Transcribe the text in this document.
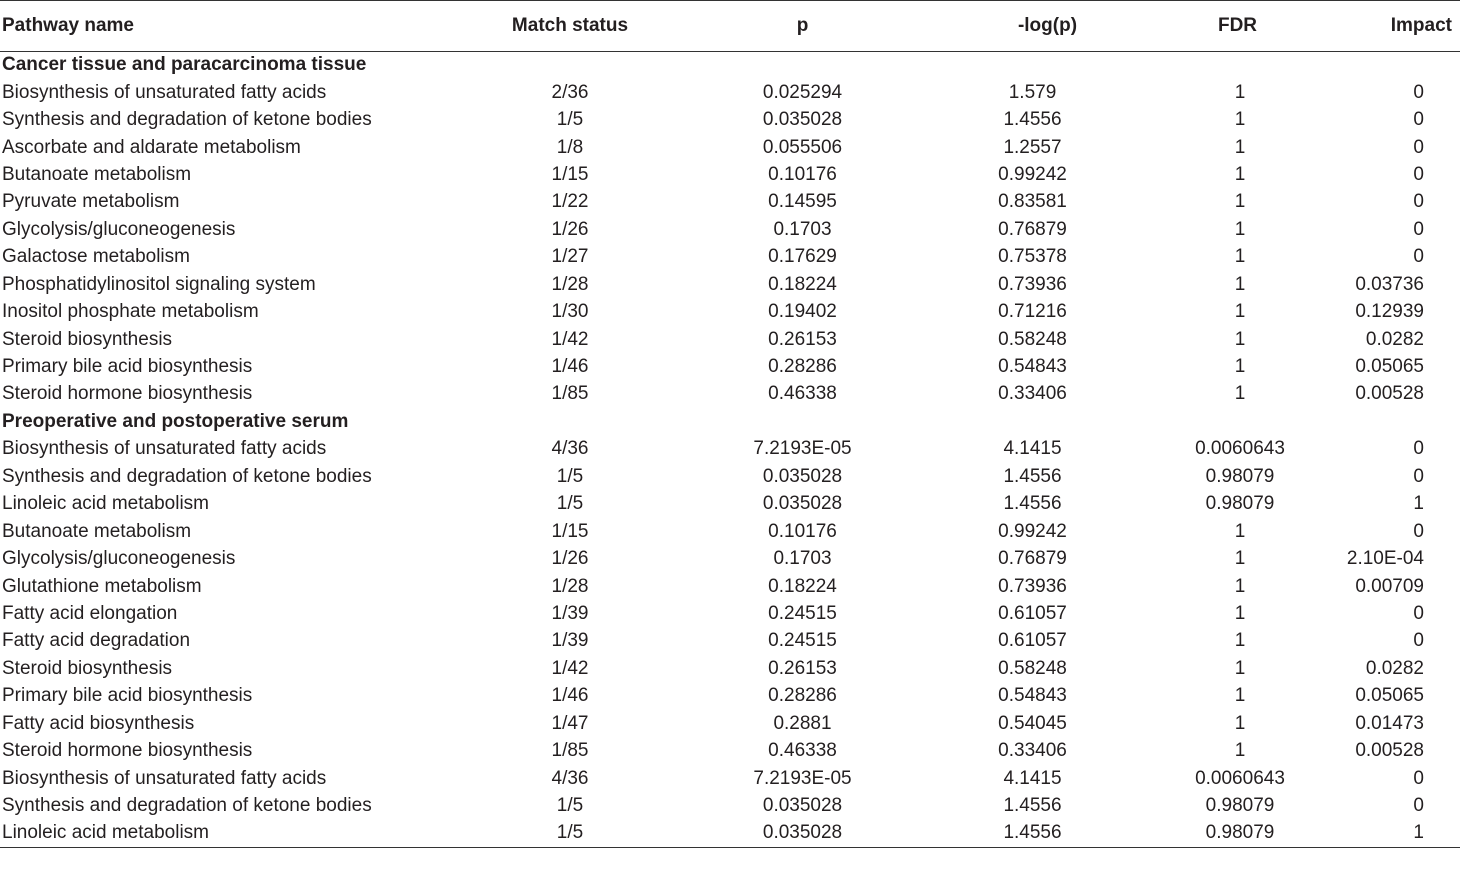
Pathway name	Match status	p	-log(p)	FDR	Impact
Cancer tissue and paracarcinoma tissue					
Biosynthesis of unsaturated fatty acids	2/36	0.025294	1.579	1	0
Synthesis and degradation of ketone bodies	1/5	0.035028	1.4556	1	0
Ascorbate and aldarate metabolism	1/8	0.055506	1.2557	1	0
Butanoate metabolism	1/15	0.10176	0.99242	1	0
Pyruvate metabolism	1/22	0.14595	0.83581	1	0
Glycolysis/gluconeogenesis	1/26	0.1703	0.76879	1	0
Galactose metabolism	1/27	0.17629	0.75378	1	0
Phosphatidylinositol signaling system	1/28	0.18224	0.73936	1	0.03736
Inositol phosphate metabolism	1/30	0.19402	0.71216	1	0.12939
Steroid biosynthesis	1/42	0.26153	0.58248	1	0.0282
Primary bile acid biosynthesis	1/46	0.28286	0.54843	1	0.05065
Steroid hormone biosynthesis	1/85	0.46338	0.33406	1	0.00528
Preoperative and postoperative serum					
Biosynthesis of unsaturated fatty acids	4/36	7.2193E-05	4.1415	0.0060643	0
Synthesis and degradation of ketone bodies	1/5	0.035028	1.4556	0.98079	0
Linoleic acid metabolism	1/5	0.035028	1.4556	0.98079	1
Butanoate metabolism	1/15	0.10176	0.99242	1	0
Glycolysis/gluconeogenesis	1/26	0.1703	0.76879	1	2.10E-04
Glutathione metabolism	1/28	0.18224	0.73936	1	0.00709
Fatty acid elongation	1/39	0.24515	0.61057	1	0
Fatty acid degradation	1/39	0.24515	0.61057	1	0
Steroid biosynthesis	1/42	0.26153	0.58248	1	0.0282
Primary bile acid biosynthesis	1/46	0.28286	0.54843	1	0.05065
Fatty acid biosynthesis	1/47	0.2881	0.54045	1	0.01473
Steroid hormone biosynthesis	1/85	0.46338	0.33406	1	0.00528
Biosynthesis of unsaturated fatty acids	4/36	7.2193E-05	4.1415	0.0060643	0
Synthesis and degradation of ketone bodies	1/5	0.035028	1.4556	0.98079	0
Linoleic acid metabolism	1/5	0.035028	1.4556	0.98079	1
